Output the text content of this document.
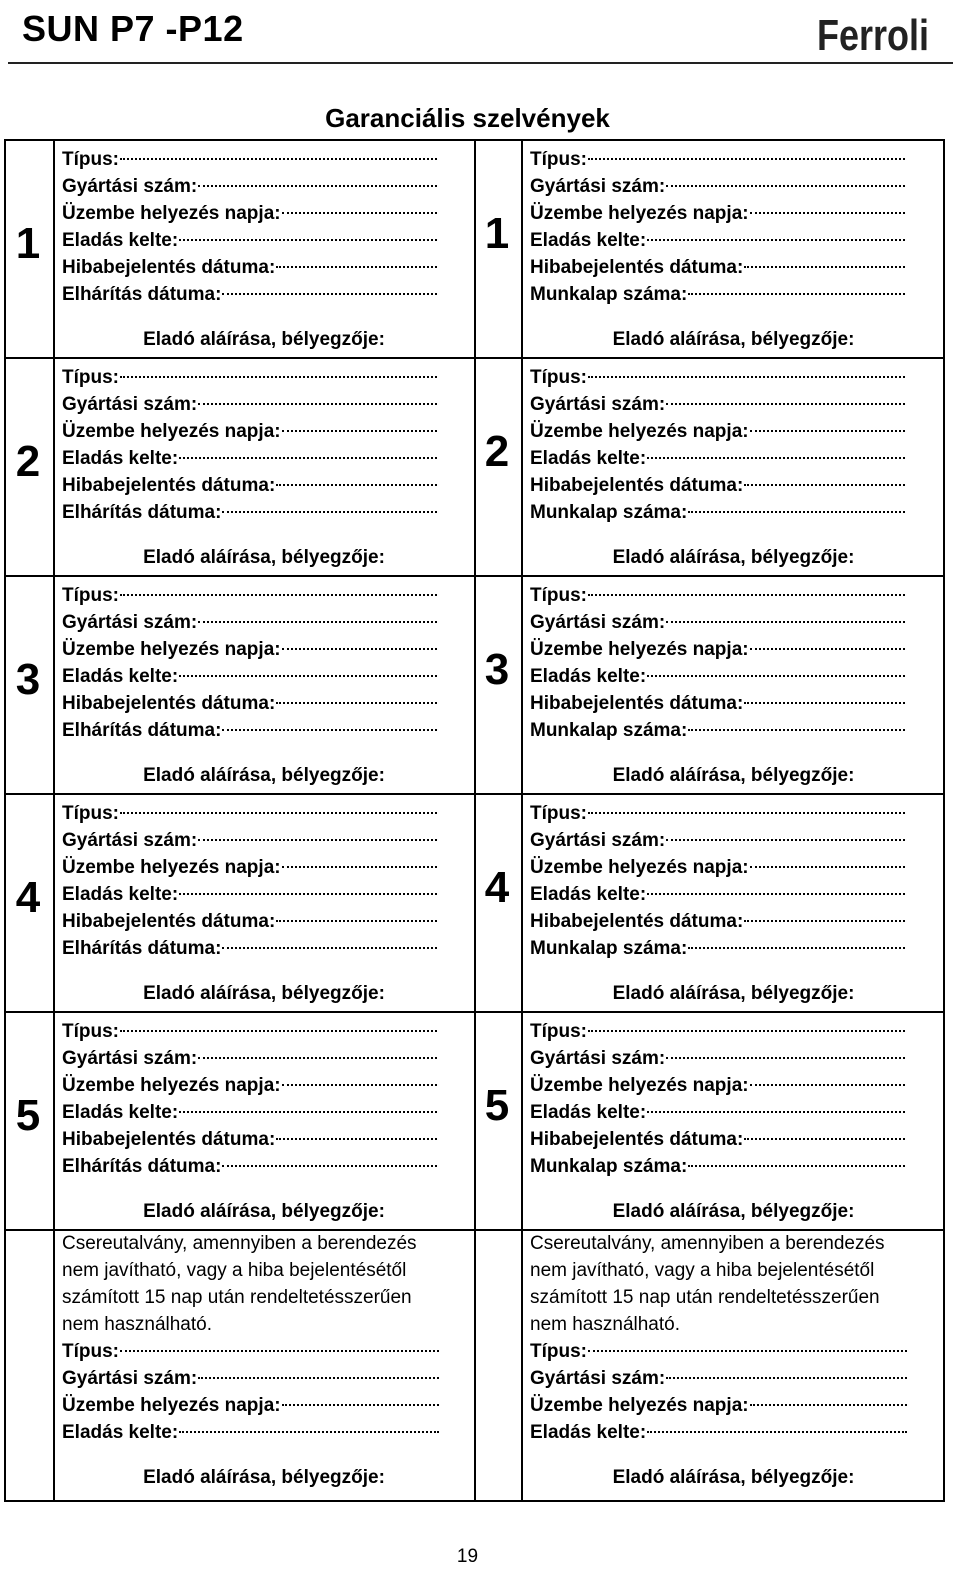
SUN P7 -P12	Ferroli
Garanciális szelvények
1	1
Típus:
Gyártási szám:
Üzembe helyezés napja:
Eladás kelte:
Hibabejelentés dátuma:
Elhárítás dátuma:
Típus:
Gyártási szám:
Üzembe helyezés napja:
Eladás kelte:
Hibabejelentés dátuma:
Munkalap száma:
Eladó aláírása, bélyegzője:	Eladó aláírása, bélyegzője:
2	2
Típus:
Gyártási szám:
Üzembe helyezés napja:
Eladás kelte:
Hibabejelentés dátuma:
Elhárítás dátuma:
Típus:
Gyártási szám:
Üzembe helyezés napja:
Eladás kelte:
Hibabejelentés dátuma:
Munkalap száma:
Eladó aláírása, bélyegzője:	Eladó aláírása, bélyegzője:
3	3
Típus:
Gyártási szám:
Üzembe helyezés napja:
Eladás kelte:
Hibabejelentés dátuma:
Elhárítás dátuma:
Típus:
Gyártási szám:
Üzembe helyezés napja:
Eladás kelte:
Hibabejelentés dátuma:
Munkalap száma:
Eladó aláírása, bélyegzője:	Eladó aláírása, bélyegzője:
4	4
Típus:
Gyártási szám:
Üzembe helyezés napja:
Eladás kelte:
Hibabejelentés dátuma:
Elhárítás dátuma:
Típus:
Gyártási szám:
Üzembe helyezés napja:
Eladás kelte:
Hibabejelentés dátuma:
Munkalap száma:
Eladó aláírása, bélyegzője:	Eladó aláírása, bélyegzője:
5	5
Típus:
Gyártási szám:
Üzembe helyezés napja:
Eladás kelte:
Hibabejelentés dátuma:
Elhárítás dátuma:
Típus:
Gyártási szám:
Üzembe helyezés napja:
Eladás kelte:
Hibabejelentés dátuma:
Munkalap száma:
Eladó aláírása, bélyegzője:	Eladó aláírása, bélyegzője:
Csereutalvány, amennyiben a berendezés nem javítható, vagy a hiba bejelentésétől számított 15 nap után rendeltetésszerűen nem használható.
Típus:
Gyártási szám:
Üzembe helyezés napja:
Eladás kelte:
Eladó aláírása, bélyegzője:
Csereutalvány, amennyiben a berendezés nem javítható, vagy a hiba bejelentésétől számított 15 nap után rendeltetésszerűen nem használható.
Típus:
Gyártási szám:
Üzembe helyezés napja:
Eladás kelte:
Eladó aláírása, bélyegzője:
19
